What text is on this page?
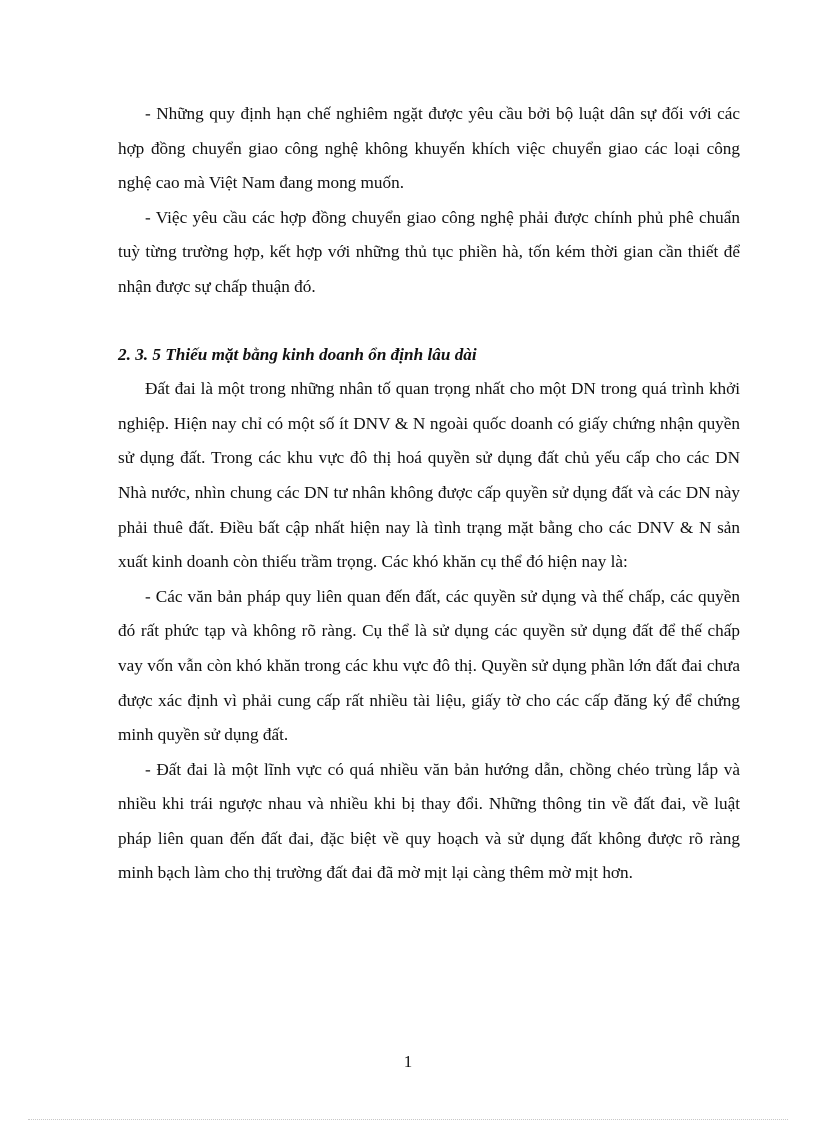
- Những quy định hạn chế nghiêm ngặt được yêu cầu bởi bộ luật dân sự đối với các hợp đồng chuyển giao công nghệ không khuyến khích việc chuyển giao các loại công nghệ cao mà Việt Nam đang mong muốn.

- Việc yêu cầu các hợp đồng chuyển giao công nghệ phải được chính phủ phê chuẩn tuỳ từng trường hợp, kết hợp với những thủ tục phiền hà, tốn kém thời gian cần thiết để nhận được sự chấp thuận đó.

2. 3. 5 Thiếu mặt bằng kinh doanh ổn định lâu dài

Đất đai là một trong những nhân tố quan trọng nhất cho một DN trong quá trình khởi nghiệp. Hiện nay chỉ có một số ít DNV & N ngoài quốc doanh có giấy chứng nhận quyền sử dụng đất. Trong các khu vực đô thị hoá quyền sử dụng đất chủ yếu cấp cho các DN Nhà nước, nhìn chung các DN tư nhân không được cấp quyền sử dụng đất và các DN này phải thuê đất. Điều bất cập nhất hiện nay là tình trạng mặt bằng cho các DNV & N sản xuất kinh doanh còn thiếu trầm trọng. Các khó khăn cụ thể đó hiện nay là:

- Các văn bản pháp quy liên quan đến đất, các quyền sử dụng và thế chấp, các quyền đó rất phức tạp và không rõ ràng. Cụ thể là sử dụng các quyền sử dụng đất để thế chấp vay vốn vẫn còn khó khăn trong các khu vực đô thị. Quyền sử dụng phần lớn đất đai chưa được xác định vì phải cung cấp rất nhiều tài liệu, giấy tờ cho các cấp đăng ký để chứng minh quyền sử dụng đất.

- Đất đai là một lĩnh vực có quá nhiều văn bản hướng dẫn, chồng chéo trùng lắp và nhiều khi trái ngược nhau và nhiều khi bị thay đổi. Những thông tin về đất đai, về luật pháp liên quan đến đất đai, đặc biệt về quy hoạch và sử dụng đất không được rõ ràng minh bạch làm cho thị trường đất đai đã mờ mịt lại càng thêm mờ mịt hơn.

1
